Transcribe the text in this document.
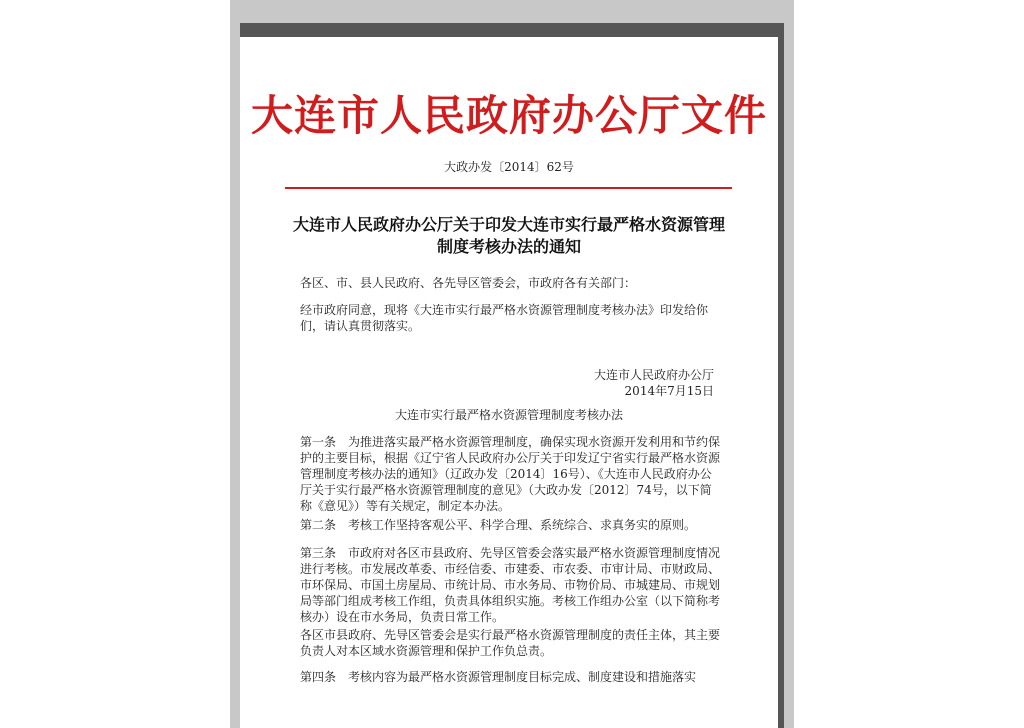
大连市人民政府办公厅文件
大政办发〔2014〕62号
大连市人民政府办公厅关于印发大连市实行最严格水资源管理
制度考核办法的通知
各区、市、县人民政府、各先导区管委会，市政府各有关部门：
经市政府同意，现将《大连市实行最严格水资源管理制度考核办法》印发给你们，请认真贯彻落实。
大连市人民政府办公厅
2014年7月15日
大连市实行最严格水资源管理制度考核办法
第一条　为推进落实最严格水资源管理制度，确保实现水资源开发利用和节约保护的主要目标，根据《辽宁省人民政府办公厅关于印发辽宁省实行最严格水资源管理制度考核办法的通知》（辽政办发〔2014〕16号）、《大连市人民政府办公厅关于实行最严格水资源管理制度的意见》（大政办发〔2012〕74号，以下简称《意见》）等有关规定，制定本办法。
第二条　考核工作坚持客观公平、科学合理、系统综合、求真务实的原则。
第三条　市政府对各区市县政府、先导区管委会落实最严格水资源管理制度情况进行考核。市发展改革委、市经信委、市建委、市农委、市审计局、市财政局、市环保局、市国土房屋局、市统计局、市水务局、市物价局、市城建局、市规划局等部门组成考核工作组，负责具体组织实施。考核工作组办公室（以下简称考核办）设在市水务局，负责日常工作。
各区市县政府、先导区管委会是实行最严格水资源管理制度的责任主体，其主要负责人对本区域水资源管理和保护工作负总责。
第四条　考核内容为最严格水资源管理制度目标完成、制度建设和措施落实
